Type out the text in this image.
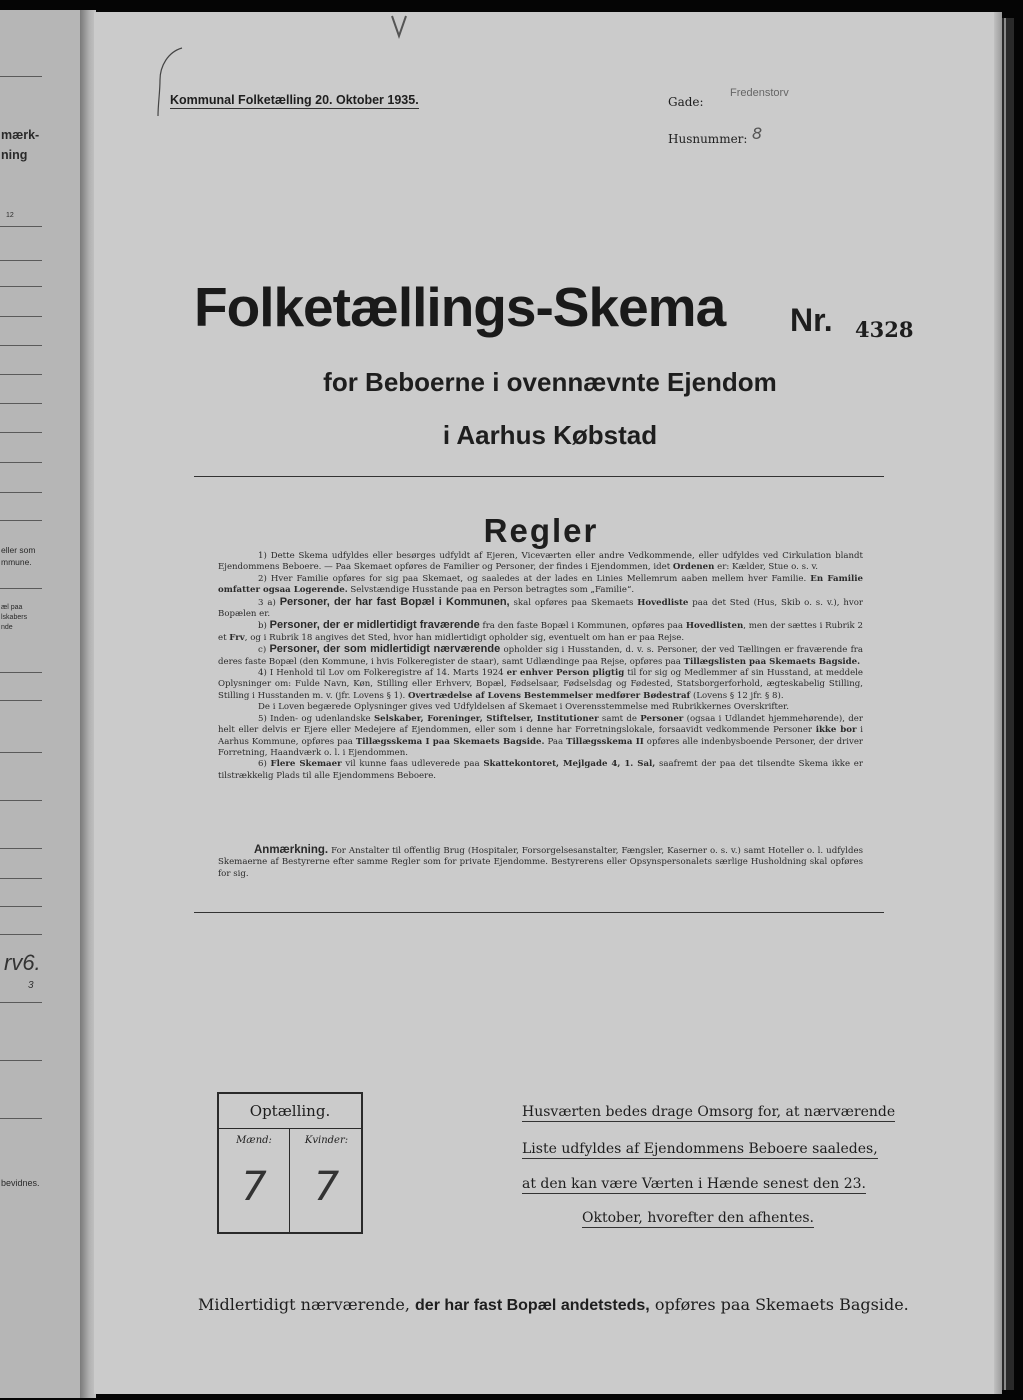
mærk-
ning
12
eller som
mmune.
æl paa
lskabers
nde
rv6.
3
bevidnes.
Kommunal Folketælling 20. Oktober 1935.	Gade:
Fredenstorv
Husnummer: 8
Folketællings-Skema Nr. 4328
for Beboerne i ovennævnte Ejendom
i Aarhus Købstad
Regler

1) Dette Skema udfyldes eller besørges udfyldt af Ejeren, Viceværten eller andre Vedkommende, eller udfyldes ved Cirkulation blandt Ejendommens Beboere. — Paa Skemaet opføres de Familier og Personer, der findes i Ejendommen, idet Ordenen er: Kælder, Stue o. s. v.

2) Hver Familie opføres for sig paa Skemaet, og saaledes at der lades en Linies Mellemrum aaben mellem hver Familie. En Familie omfatter ogsaa Logerende. Selvstændige Husstande paa en Person betragtes som „Familie“.

3 a) Personer, der har fast Bopæl i Kommunen, skal opføres paa Skemaets Hovedliste paa det Sted (Hus, Skib o. s. v.), hvor Bopælen er.

b) Personer, der er midlertidigt fraværende fra den faste Bopæl i Kommunen, opføres paa Hovedlisten, men der sættes i Rubrik 2 et Frv, og i Rubrik 18 angives det Sted, hvor han midlertidigt opholder sig, eventuelt om han er paa Rejse.

c) Personer, der som midlertidigt nærværende opholder sig i Husstanden, d. v. s. Personer, der ved Tællingen er fraværende fra deres faste Bopæl (den Kommune, i hvis Folkeregister de staar), samt Udlændinge paa Rejse, opføres paa Tillægslisten paa Skemaets Bagside.

4) I Henhold til Lov om Folkeregistre af 14. Marts 1924 er enhver Person pligtig til for sig og Medlemmer af sin Husstand, at meddele Oplysninger om: Fulde Navn, Køn, Stilling eller Erhverv, Bopæl, Fødselsaar, Fødselsdag og Fødested, Statsborgerforhold, ægteskabelig Stilling, Stilling i Husstanden m. v. (jfr. Lovens § 1). Overtrædelse af Lovens Bestemmelser medfører Bødestraf (Lovens § 12 jfr. § 8).

De i Loven begærede Oplysninger gives ved Udfyldelsen af Skemaet i Overensstemmelse med Rubrikkernes Overskrifter.

5) Inden- og udenlandske Selskaber, Foreninger, Stiftelser, Institutioner samt de Personer (ogsaa i Udlandet hjemmehørende), der helt eller delvis er Ejere eller Medejere af Ejendommen, eller som i denne har Forretningslokale, forsaavidt vedkommende Personer ikke bor i Aarhus Kommune, opføres paa Tillægsskema I paa Skemaets Bagside. Paa Tillægsskema II opføres alle indenbysboende Personer, der driver Forretning, Haandværk o. l. i Ejendommen.

6) Flere Skemaer vil kunne faas udleverede paa Skattekontoret, Mejlgade 4, 1. Sal, saafremt der paa det tilsendte Skema ikke er tilstrækkelig Plads til alle Ejendommens Beboere.

Anmærkning. For Anstalter til offentlig Brug (Hospitaler, Forsorgelsesanstalter, Fængsler, Kaserner o. s. v.) samt Hoteller o. l. udfyldes Skemaerne af Bestyrerne efter samme Regler som for private Ejendomme. Bestyrerens eller Opsynspersonalets særlige Husholdning skal opføres for sig.

Optælling.
Mænd:	Kvinder:
7	7
Husværten bedes drage Omsorg for, at nærværende
Liste udfyldes af Ejendommens Beboere saaledes,
at den kan være Værten i Hænde senest den 23.
Oktober, hvorefter den afhentes.
Midlertidigt nærværende, der har fast Bopæl andetsteds, opføres paa Skemaets Bagside.
